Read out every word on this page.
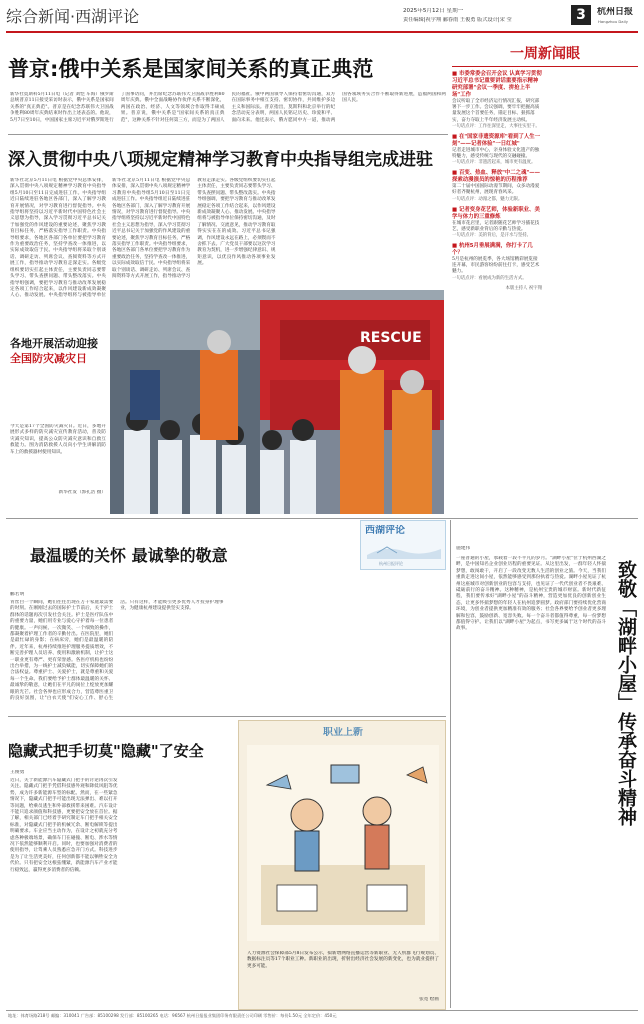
综合新闻·西湖评论	2025年5月12日 星期一
责任编辑|祝宇翔 郦春雨 王俊勇 版式设计|宋 莹	3	杭州日报
Hangzhou Daily
普京:俄中关系是国家间关系的真正典范
新华社莫斯科5月11日电（记者 刘恺 车海）俄罗斯总统普京11日接受采访时表示，俄中关系是国家间关系的"真正典范"。普京是在纪念苏联伟大卫国战争胜利80周年庆典结束时作出上述表态的。他说，5月7日至10日，中国国家主席习近平对俄罗斯进行了国事访问，并出席纪念苏联伟大卫国战争胜利80周年庆典。俄中全面战略协作伙伴关系不断深化，两国在政治、经济、人文等领域合作取得丰硕成果。普京说，俄中关系是"国家间关系的真正典范"，这种关系不针对任何第三方，而是为了两国人民的福祉。俄中两国领导人保持着密切沟通，双方在国际事务中相互支持、密切协作，共同维护多边主义和国际法。普京指出，莫斯科和北京举行的纪念活动充分表明，两国人民铭记历史、珍爱和平、面向未来。他还表示，俄方愿同中方一道，推动两国各领域务实合作不断取得新进展，造福两国和两国人民。
深入贯彻中央八项规定精神学习教育中央指导组完成进驻
新华社北京5月11日电 根据党中央总体安排，深入贯彻中央八项规定精神学习教育中央指导组5月10日至11日完成进驻工作。中央指导组近日陆续进驻各地区各部门，深入了解学习教育开展情况，对学习教育进行督促指导。中央指导组将坚持以习近平新时代中国特色社会主义思想为指导，深入学习贯彻习近平总书记关于加强党的作风建设的重要论述，聚焦学习教育目标任务，严格落实指导工作职责。中央指导组要求，各地区各部门各单位要把学习教育作为重要政治任务，坚持学查改一体推进，以实际成效取信于民。中央指导组将采取个别谈话、调研走访、列席会议、查阅资料等方式开展工作，指导推动学习教育走深走实。各级党组织要切实扛起主体责任，主要负责同志要带头学习、带头查摆问题、带头整改落实。中央指导组强调，要把学习教育与推动改革发展稳定各项工作结合起来，以作风建设新成效凝聚人心、推动发展。中央指导组将与被指导单位
新华社北京5月11日电 根据党中央总体安排，深入贯彻中央八项规定精神学习教育中央指导组5月10日至11日完成进驻工作。中央指导组近日陆续进驻各地区各部门，深入了解学习教育开展情况，对学习教育进行督促指导。中央指导组将坚持以习近平新时代中国特色社会主义思想为指导，深入学习贯彻习近平总书记关于加强党的作风建设的重要论述，聚焦学习教育目标任务，严格落实指导工作职责。中央指导组要求，各地区各部门各单位要把学习教育作为重要政治任务，坚持学查改一体推进，以实际成效取信于民。中央指导组将采取个别谈话、调研走访、列席会议、查阅资料等方式开展工作，指导推动学习教育走深走实。各级党组织要切实扛起主体责任，主要负责同志要带头学习、带头查摆问题、带头整改落实。中央指导组强调，要把学习教育与推动改革发展稳定各项工作结合起来，以作风建设新成效凝聚人心、推动发展。中央指导组将与被指导单位保持密切沟通，及时了解情况、交流意见，推动学习教育取得实实在在的成效。习近平总书记强调，作风建设永远在路上，必须锲而不舍抓下去。广大党员干部要以这次学习教育为契机，进一步增强纪律意识、规矩意识，以优良作风推动各项事业发展。
各地开展活动迎接
全国防灾减灾日
今天是第17个全国防灾减灾日。近日，多地开展形式多样的防灾减灾宣传教育活动，普及防灾减灾知识，提高公众防灾减灾意识和自救互救能力。图为消防救援人员向小学生讲解消防车上的救援器材使用知识。
新华社发（郭孔浩 摄）
RESCUE
一周新闻眼
■ 市委常委会召开会议 认真学习贯彻习近平总书记重要讲话重要指示精神 研究部署"会议一季度、拼抢上半场"工作
会议听取了全市经济运行情况汇报，研究部署下一步工作。会议强调，要牢牢把握高质量发展这个首要任务，锚定目标、狠抓落实，奋力夺取上半年经济发展主动权。
一句话点评：工作往深里走，大事往实里干。
■ 在"国家非遗资源库"看到了人生一刻"——记者体验"一日红城"
记者走进城市中心，亲身体验文化遗产的独特魅力，感受传统与现代的交融碰撞。
一句话点评：非遗活起来，城市更有温度。
■ 百变、热血、释放"中二之魂"——探索动漫演员的惊艳的历程推荐
第二十届中国国际动漫节期间，众多动漫爱好者齐聚杭州，展现青春风采。
一句话点评：动漫之都，魅力无限。
■ 记者变身花艺师，体验新职业、美学与体力的三重修炼
在城市花店里，记者跟随花艺师学习插花技艺，感受新职业背后的辛勤与热爱。
一句话点评：美的背后，是汗水与坚持。
■ 杭州5月垂展满满，你打卡了几个？
5月是杭州的展览季，各大场馆精彩展览接连开幕，市民游客纷纷前往打卡，感受艺术魅力。
一句话点评：看展成为新的生活方式。
本版主持人 祝宇翔
西湖评论
杭州日报评论
最温暖的关怀 最诚挚的敬意
郦若明
青丝白一个瞬间，她们往往出现在万千家庭最需要的时刻。在刚刚过去的国际护士节前后，关于护士群体的话题再次引发社会关注。护士是医疗队伍中的重要力量，她们用专业与爱心守护着每一位患者的健康。一声问候、一次微笑、一个细致的操作，都凝聚着护理工作者的辛勤付出。在医院里，她们是最忙碌的身影；在病床旁，她们是最温暖的陪伴。近年来，杭州持续推进护理服务提质增效，不断完善护理人员培养、使用和激励机制，让护士这一职业更有尊严、更有荣誉感。各医疗机构也纷纷出台举措，为一线护士减负赋能，切实保障她们的合法权益。尊重护士、关爱护士，就是尊重和关爱每一个生命。我们要给予护士群体最温暖的关怀、最诚挚的敬意，让她们在平凡的岗位上绽放更加耀眼的光芒。社会各界也应形成合力，营造尊医重卫的良好氛围，让"白衣天使"们安心工作、舒心生活。只有这样，才能吸引更多优秀人才投身护理事业，为健康杭州建设提供坚实支撑。
隐藏式把手切莫"隐藏"了安全
王俊勇
近日，关于新能源汽车隐藏式门把手的讨论再次引发关注。隐藏式门把手凭借科技感外观和降低风阻等优势，成为许多新能源车型的标配。然而，在一些紧急情况下，隐藏式门把手可能出现无法弹出、难以打开等问题，给乘员逃生和外部救援带来困难。汽车设计不能只追求颜值和科技感，更要把安全放在首位。据了解，相关部门已经着手研究制定车门把手相关安全标准，对隐藏式门把手的机械冗余、断电解锁等提出明确要求。车企应当主动作为，在设计之初就充分考虑各种极端场景，确保车门在碰撞、断电、涉水等情况下依然能够顺利开启。同时，也要加强对消费者的使用指导，让驾乘人员熟悉应急开门方式。科技进步是为了让生活更美好，任何创新都不能以牺牲安全为代价。只有把安全这根弦绷紧，新能源汽车产业才能行稳致远，赢得更多消费者的信赖。
职业上新
人力资源社会保障部5月8日发布公示，拟新增网络直播运营等新职业、无人机群飞行规划员、数据标注员等17个职业工种。新职业的出现，折射出经济社会发展的新变化，也为就业提供了更多可能。
张宽 绘画
施建伟
一座普通的小屋，承载着一段不平凡的岁月。"湖畔小屋"位于杭州西湖之畔，是中国知名企业创业历程的重要见证。从这里出发，一群年轻人怀揣梦想，敢闯敢干，开启了一段改变无数人生活的创业之旅。今天，当我们重新走进这间小屋，依然能够感受到那份执着与热爱。湖畔小屋见证了杭州这座城市对创新创业的包容与支持，也见证了一代代创业者不畏艰难、砥砺前行的奋斗精神。这种精神，是杭州宝贵的城市财富。新时代新征程，我们要传承好"湖畔小屋"的奋斗精神，营造更加优良的创新创业生态，让更多怀揣梦想的年轻人在杭州追梦圆梦。政府部门要持续优化营商环境，为创业者提供更加精准有效的服务；社会各界要给予创业者更多理解和包容，鼓励创新、宽容失败。每一个奋斗者都值得尊重，每一份梦想都值得守护。让我们以"湖畔小屋"为起点，书写更多属于这个时代的奋斗故事。	致敬「湖畔小屋」传承奋斗精神
地址：体育场路218号 邮编：310041 广告部：85100298 发行部：85100265 电话：96567 杭州日报报业集团印务有限责任公司印刷 零售价：每份1.50元 全年定价：450元
